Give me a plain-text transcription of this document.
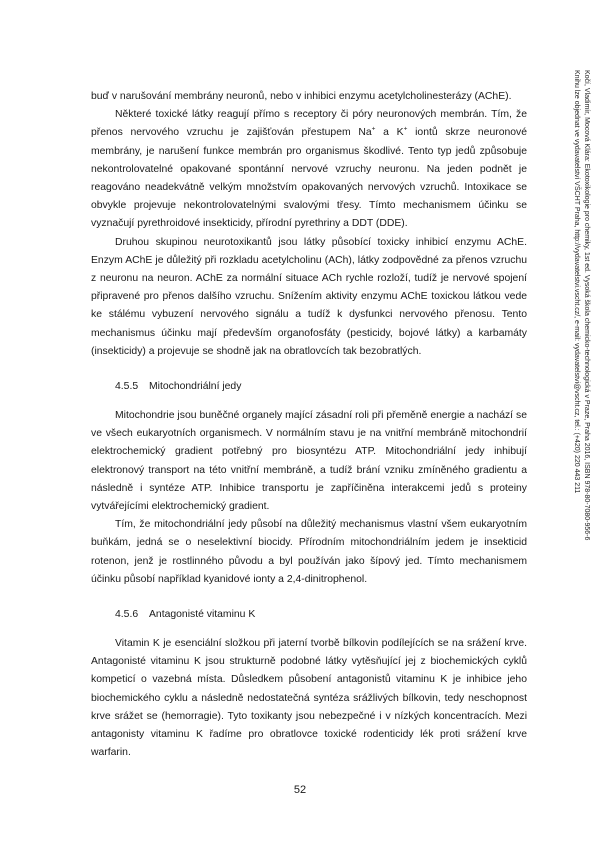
buď v narušování membrány neuronů, nebo v inhibici enzymu acetylcholinesterázy (AChE).

Některé toxické látky reagují přímo s receptory či póry neuronových membrán. Tím, že přenos nervového vzruchu je zajišťován přestupem Na+ a K+ iontů skrze neuronové membrány, je narušení funkce membrán pro organismus škodlivé. Tento typ jedů způsobuje nekontrolovatelné opakované spontánní nervové vzruchy neuronu. Na jeden podnět je reagováno neadekvátně velkým množstvím opakovaných nervových vzruchů. Intoxikace se obvykle projevuje nekontrolovatelnými svalovými třesy. Tímto mechanismem účinku se vyznačují pyrethroidové insekticidy, přírodní pyrethriny a DDT (DDE).

Druhou skupinou neurotoxikantů jsou látky působící toxicky inhibicí enzymu AChE. Enzym AChE je důležitý při rozkladu acetylcholinu (ACh), látky zodpovědné za přenos vzruchu z neuronu na neuron. AChE za normální situace ACh rychle rozloží, tudíž je nervové spojení připravené pro přenos dalšího vzruchu. Snížením aktivity enzymu AChE toxickou látkou vede ke stálému vybuzení nervového signálu a tudíž k dysfunkci nervového přenosu. Tento mechanismus účinku mají především organofosfáty (pesticidy, bojové látky) a karbamáty (insekticidy) a projevuje se shodně jak na obratlovcích tak bezobratlých.

4.5.5	Mitochondriální jedy

Mitochondrie jsou buněčné organely mající zásadní roli při přeměně energie a nachází se ve všech eukaryotních organismech. V normálním stavu je na vnitřní membráně mitochondrií elektrochemický gradient potřebný pro biosyntézu ATP. Mitochondriální jedy inhibují elektronový transport na této vnitřní membráně, a tudíž brání vzniku zmíněného gradientu a následně i syntéze ATP. Inhibice transportu je zapříčiněna interakcemi jedů s proteiny vytvářejícími elektrochemický gradient.

Tím, že mitochondriální jedy působí na důležitý mechanismus vlastní všem eukaryotním buňkám, jedná se o neselektivní biocidy. Přírodním mitochondriálním jedem je insekticid rotenon, jenž je rostlinného původu a byl používán jako šípový jed. Tímto mechanismem účinku působí například kyanidové ionty a 2,4-dinitrophenol.

4.5.6	Antagonisté vitaminu K

Vitamin K je esenciální složkou při jaterní tvorbě bílkovin podílejících se na srážení krve. Antagonisté vitaminu K jsou strukturně podobné látky vytěsňující jej z biochemických cyklů kompeticí o vazebná místa. Důsledkem působení antagonistů vitaminu K je inhibice jeho biochemického cyklu a následně nedostatečná syntéza srážlivých bílkovin, tedy neschopnost krve srážet se (hemorragie). Tyto toxikanty jsou nebezpečné i v nízkých koncentracích. Mezi antagonisty vitaminu K řadíme pro obratlovce toxické rodenticidy lék proti srážení krve warfarin.

52
Kočí, Vladimír, Mocová Klára: Ekotoxikologie pro chemiky, 1st ed. Vysoká škola chemicko-technologická v Praze, Praha 2016, ISBN 978-80-7080-956-6
Knihu lze objednat ve vydavatelství VŠCHT Praha, http://vydavatelstvi.vscht.cz/, e-mail: vydavatelstvi@vscht.cz, tel.: (+420) 220 443 211
